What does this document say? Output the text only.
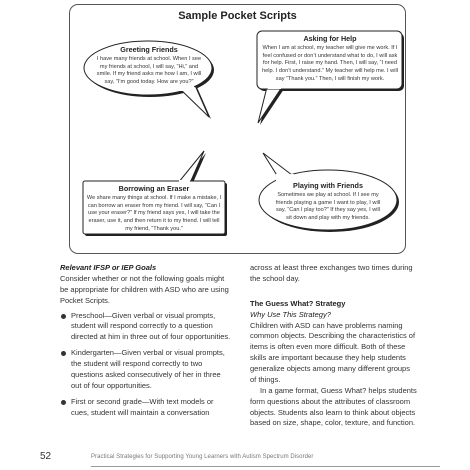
Sample Pocket Scripts
Greeting Friends
I have many friends at school. When I see my friends at school, I will say, “Hi,” and smile. If my friend asks me how I am, I will say, “I’m good today. How are you?”
Asking for Help
When I am at school, my teacher will give me work. If I feel confused or don’t understand what to do, I will ask for help. First, I raise my hand. Then, I will say, “I need help. I don’t understand.” My teacher will help me. I will say “Thank you.” Then, I will finish my work.
Borrowing an Eraser
We share many things at school. If I make a mistake, I can borrow an eraser from my friend. I will say, “Can I use your eraser?” If my friend says yes, I will take the eraser, use it, and then return it to my friend. I will tell my friend, “Thank you.”
Playing with Friends
Sometimes we play at school. If I see my friends playing a game I want to play, I will say, “Can I play too?” If they say yes, I will sit down and play with my friends.
Relevant IFSP or IEP Goals

Consider whether or not the following goals might be appropriate for children with ASD who are using Pocket Scripts.

Preschool—Given verbal or visual prompts, student will respond correctly to a question directed at him in three out of four opportunities.
Kindergarten—Given verbal or visual prompts, the student will respond correctly to two questions asked consecutively of her in three out of four opportunities.
First or second grade—With text models or cues, student will maintain a conversation

across at least three exchanges two times during the school day.

The Guess What? Strategy
Why Use This Strategy?

Children with ASD can have problems naming common objects. Describing the characteristics of items is often even more difficult. Both of these skills are important because they help students generalize objects among many different groups of things.

In a game format, Guess What? helps students form questions about the attributes of classroom objects. Students also learn to think about objects based on size, shape, color, texture, and function.

52	Practical Strategies for Supporting Young Learners with Autism Spectrum Disorder
